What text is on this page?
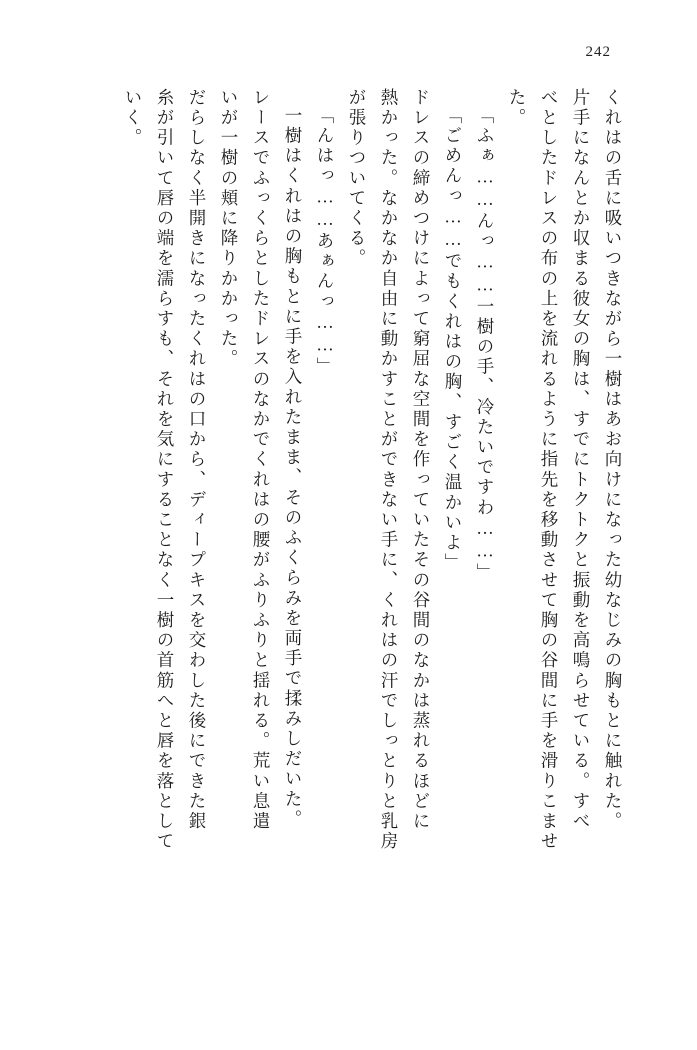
242
くれはの舌に吸いつきながら一樹はあお向けになった幼なじみの胸もとに触れた。
片手になんとか収まる彼女の胸は、すでにトクトクと振動を高鳴らせている。すべ
べとしたドレスの布の上を流れるように指先を移動させて胸の谷間に手を滑りこませ
た。
「ふぁ……んっ……一樹の手、冷たいですわ……」
「ごめんっ……でもくれはの胸、すごく温かいよ」
ドレスの締めつけによって窮屈な空間を作っていたその谷間のなかは蒸れるほどに
熱かった。なかなか自由に動かすことができない手に、くれはの汗でしっとりと乳房
が張りついてくる。
「んはっ……あぁんっ……」
一樹はくれはの胸もとに手を入れたまま、そのふくらみを両手で揉みしだいた。
レースでふっくらとしたドレスのなかでくれはの腰がふりふりと揺れる。荒い息遣
いが一樹の頬に降りかかった。
だらしなく半開きになったくれはの口から、ディープキスを交わした後にできた銀
糸が引いて唇の端を濡らすも、それを気にすることなく一樹の首筋へと唇を落として
いく。
